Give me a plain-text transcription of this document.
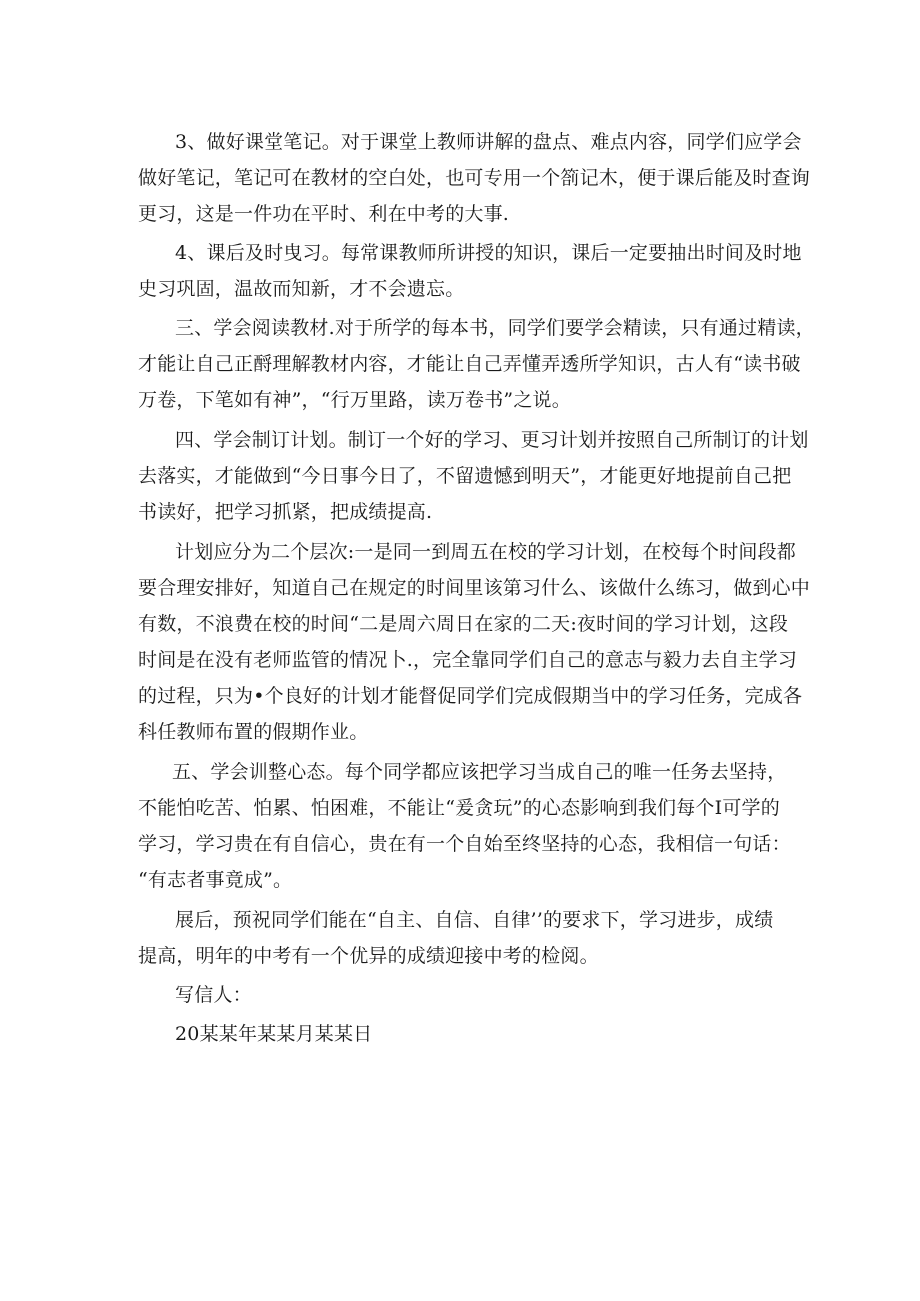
3、做好课堂笔记。对于课堂上教师讲解的盘点、难点内容，同学们应学会
做好笔记，笔记可在教材的空白处，也可专用一个箚记木，便于课后能及时查询
更习，这是一件功在平时、利在中考的大事.
4、课后及时曳习。每常课教师所讲授的知识，课后一定要抽出时间及时地
史习巩固，温故而知新，才不会遗忘。
三、学会阅读教材.对于所学的每本书，同学们要学会精读，只有通过精读，
才能让自己正酹理解教材内容，才能让自己弄懂弄透所学知识，古人有“读书破
万卷，下笔如有神”，“行万里路，读万卷书”之说。
四、学会制订计划。制订一个好的学习、更习计划并按照自己所制订的计划
去落实，才能做到“今日事今日了，不留遗憾到明天”，才能更好地提前自己把
书读好，把学习抓紧，把成绩提高.
计划应分为二个层次:一是同一到周五在校的学习计划，在校每个时间段都
要合理安排好，知道自己在规定的时间里该第习什么、该做什么练习，做到心中
有数，不浪费在校的时间“二是周六周日在家的二天:夜时间的学习计划，这段
时间是在没有老师监管的情况卜.，完全靠同学们自己的意志与毅力去自主学习
的过程，只为•个良好的计划才能督促同学们完成假期当中的学习任务，完成各
科任教师布置的假期作业。
五、学会训整心态。每个同学都应该把学习当成自己的唯一任务去坚持，
不能怕吃苦、怕累、怕困难，不能让“爰贪玩”的心态影响到我们每个I可学的
学习，学习贵在有自信心，贵在有一个自始至终坚持的心态，我相信一句话：
“有志者事竟成”。
展后，预祝同学们能在“自主、自信、自律’’的要求下，学习进步，成绩
提高，明年的中考有一个优异的成绩迎接中考的检阅。
写信人：
20某某年某某月某某日
